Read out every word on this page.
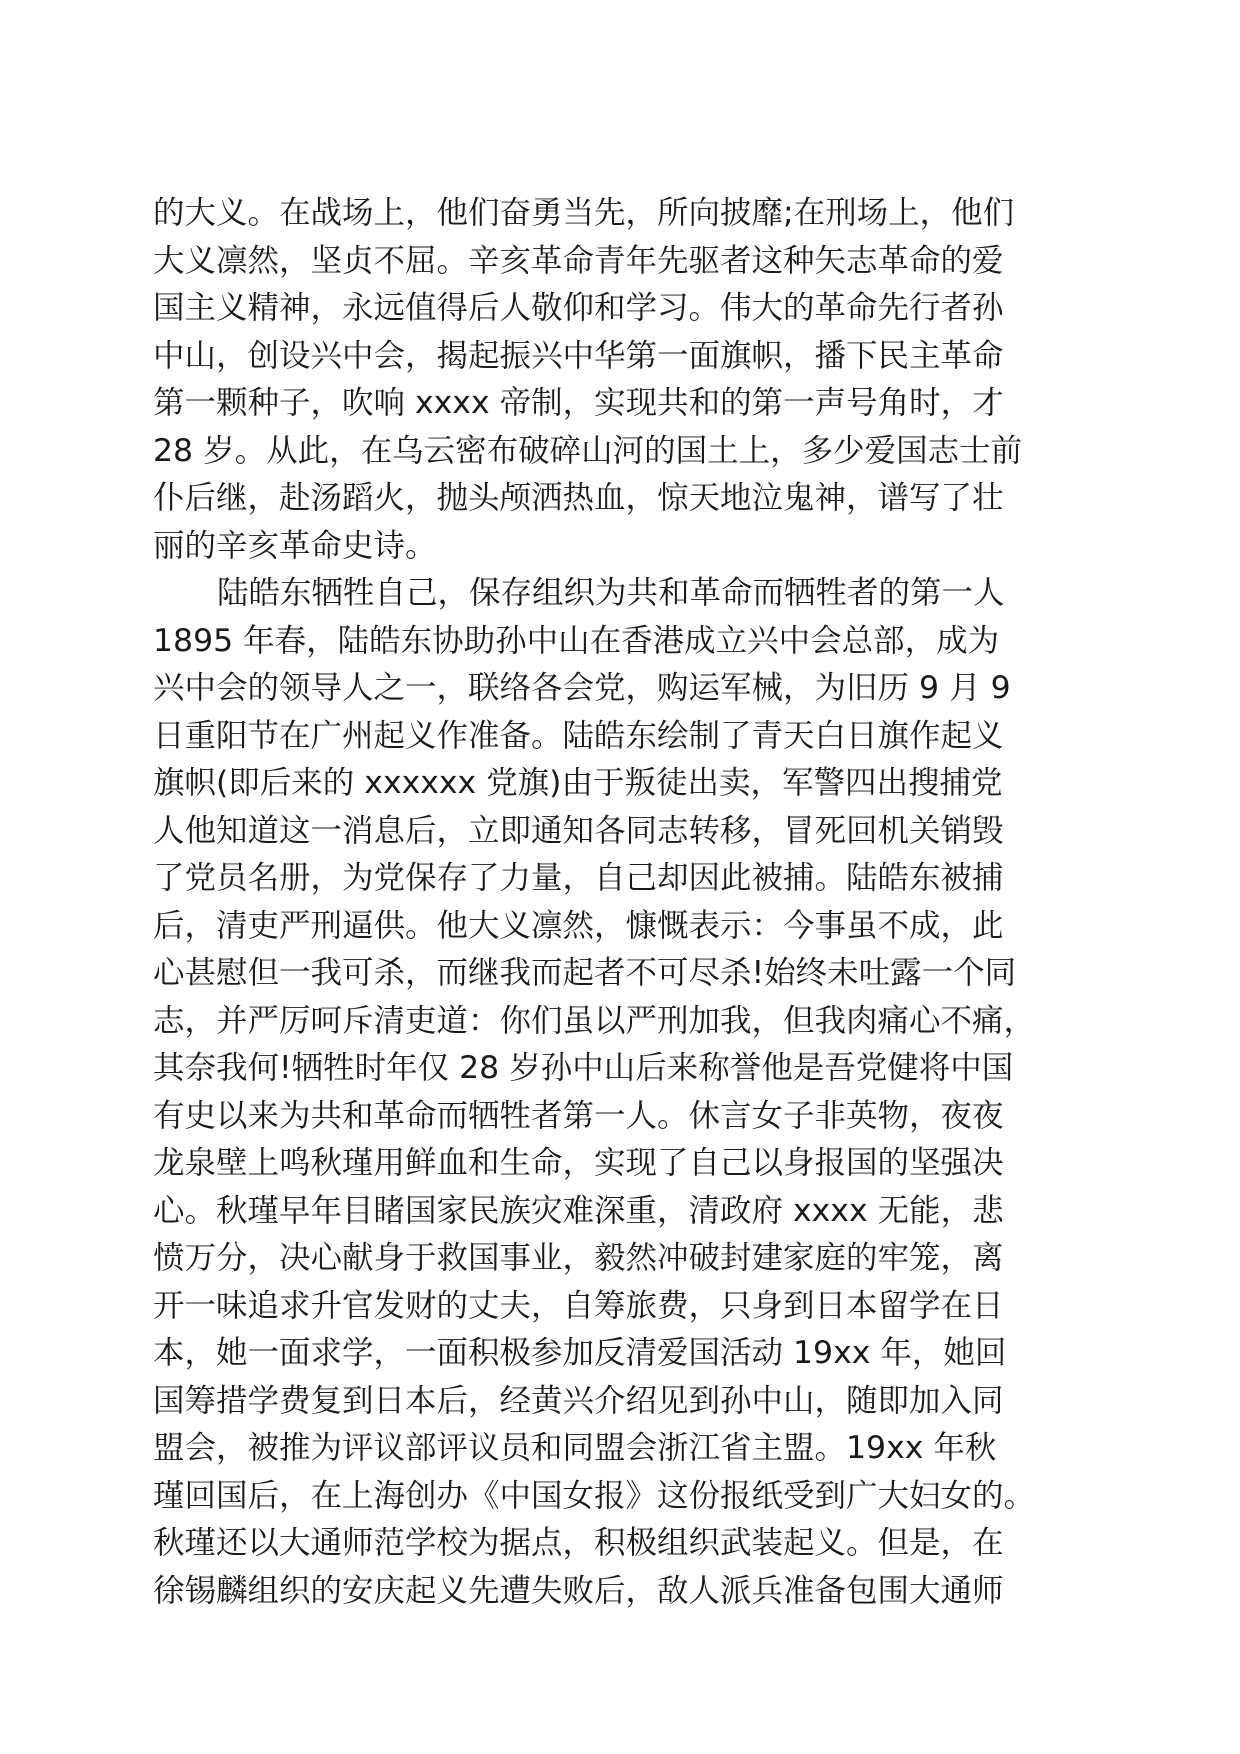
的大义。在战场上，他们奋勇当先，所向披靡;在刑场上，他们
大义凛然，坚贞不屈。辛亥革命青年先驱者这种矢志革命的爱
国主义精神，永远值得后人敬仰和学习。伟大的革命先行者孙
中山，创设兴中会，揭起振兴中华第一面旗帜，播下民主革命
第一颗种子，吹响 xxxx 帝制，实现共和的第一声号角时，才
28 岁。从此，在乌云密布破碎山河的国土上，多少爱国志士前
仆后继，赴汤蹈火，抛头颅洒热血，惊天地泣鬼神，谱写了壮
丽的辛亥革命史诗。
陆皓东牺牲自己，保存组织为共和革命而牺牲者的第一人
1895 年春，陆皓东协助孙中山在香港成立兴中会总部，成为
兴中会的领导人之一，联络各会党，购运军械，为旧历 9 月 9
日重阳节在广州起义作准备。陆皓东绘制了青天白日旗作起义
旗帜(即后来的 xxxxxx 党旗)由于叛徒出卖，军警四出搜捕党
人他知道这一消息后，立即通知各同志转移，冒死回机关销毁
了党员名册，为党保存了力量，自己却因此被捕。陆皓东被捕
后，清吏严刑逼供。他大义凛然，慷慨表示：今事虽不成，此
心甚慰但一我可杀，而继我而起者不可尽杀!始终未吐露一个同
志，并严厉呵斥清吏道：你们虽以严刑加我，但我肉痛心不痛，
其奈我何!牺牲时年仅 28 岁孙中山后来称誉他是吾党健将中国
有史以来为共和革命而牺牲者第一人。休言女子非英物，夜夜
龙泉壁上鸣秋瑾用鲜血和生命，实现了自己以身报国的坚强决
心。秋瑾早年目睹国家民族灾难深重，清政府 xxxx 无能，悲
愤万分，决心献身于救国事业，毅然冲破封建家庭的牢笼，离
开一味追求升官发财的丈夫，自筹旅费，只身到日本留学在日
本，她一面求学，一面积极参加反清爱国活动 19xx 年，她回
国筹措学费复到日本后，经黄兴介绍见到孙中山，随即加入同
盟会，被推为评议部评议员和同盟会浙江省主盟。19xx 年秋
瑾回国后，在上海创办《中国女报》这份报纸受到广大妇女的。
秋瑾还以大通师范学校为据点，积极组织武装起义。但是，在
徐锡麟组织的安庆起义先遭失败后，敌人派兵准备包围大通师
